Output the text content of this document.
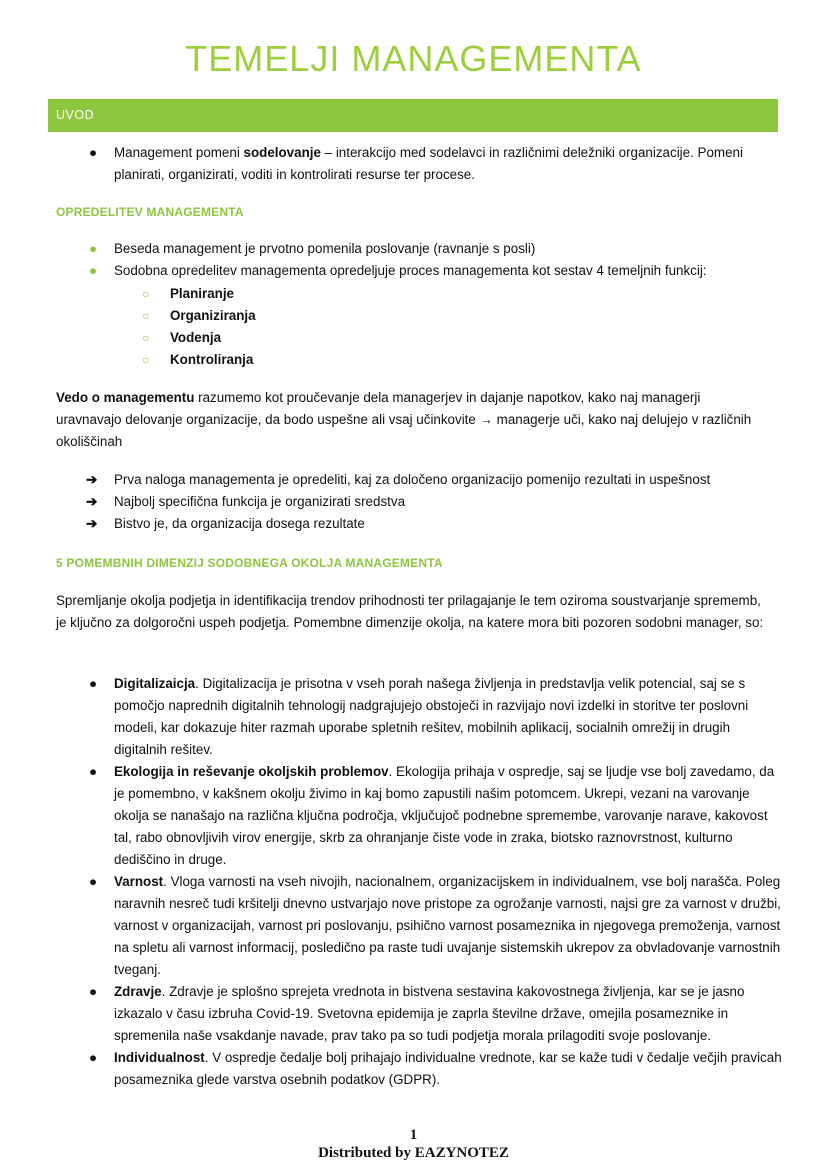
TEMELJI MANAGEMENTA
UVOD
● Management pomeni sodelovanje – interakcijo med sodelavci in različnimi deležniki organizacije. Pomeni planirati, organizirati, voditi in kontrolirati resurse ter procese.
OPREDELITEV MANAGEMENTA
● Beseda management je prvotno pomenila poslovanje (ravnanje s posli)
● Sodobna opredelitev managementa opredeljuje proces managementa kot sestav 4 temeljnih funkcij:
○ Planiranje
○ Organiziranja
○ Vodenja
○ Kontroliranja
Vedo o managementu razumemo kot proučevanje dela managerjev in dajanje napotkov, kako naj managerji uravnavajo delovanje organizacije, da bodo uspešne ali vsaj učinkovite → managerje uči, kako naj delujejo v različnih okoliščinah
➔ Prva naloga managementa je opredeliti, kaj za določeno organizacijo pomenijo rezultati in uspešnost
➔ Najbolj specifična funkcija je organizirati sredstva
➔ Bistvo je, da organizacija dosega rezultate
5 POMEMBNIH DIMENZIJ SODOBNEGA OKOLJA MANAGEMENTA
Spremljanje okolja podjetja in identifikacija trendov prihodnosti ter prilagajanje le tem oziroma soustvarjanje sprememb, je ključno za dolgoročni uspeh podjetja. Pomembne dimenzije okolja, na katere mora biti pozoren sodobni manager, so:
● Digitalizaicja. Digitalizacija je prisotna v vseh porah našega življenja in predstavlja velik potencial, saj se s pomočjo naprednih digitalnih tehnologij nadgrajujejo obstoječi in razvijajo novi izdelki in storitve ter poslovni modeli, kar dokazuje hiter razmah uporabe spletnih rešitev, mobilnih aplikacij, socialnih omrežij in drugih digitalnih rešitev.
● Ekologija in reševanje okoljskih problemov. Ekologija prihaja v ospredje, saj se ljudje vse bolj zavedamo, da je pomembno, v kakšnem okolju živimo in kaj bomo zapustili našim potomcem. Ukrepi, vezani na varovanje okolja se nanašajo na različna ključna področja, vključujoč podnebne spremembe, varovanje narave, kakovost tal, rabo obnovljivih virov energije, skrb za ohranjanje čiste vode in zraka, biotsko raznovrstnost, kulturno dediščino in druge.
● Varnost. Vloga varnosti na vseh nivojih, nacionalnem, organizacijskem in individualnem, vse bolj narašča. Poleg naravnih nesreč tudi kršitelji dnevno ustvarjajo nove pristope za ogrožanje varnosti, najsi gre za varnost v družbi, varnost v organizacijah, varnost pri poslovanju, psihično varnost posameznika in njegovega premoženja, varnost na spletu ali varnost informacij, posledično pa raste tudi uvajanje sistemskih ukrepov za obvladovanje varnostnih tveganj.
● Zdravje. Zdravje je splošno sprejeta vrednota in bistvena sestavina kakovostnega življenja, kar se je jasno izkazalo v času izbruha Covid-19. Svetovna epidemija je zaprla številne države, omejila posameznike in spremenila naše vsakdanje navade, prav tako pa so tudi podjetja morala prilagoditi svoje poslovanje.
● Individualnost. V ospredje čedalje bolj prihajajo individualne vrednote, kar se kaže tudi v čedalje večjih pravicah posameznika glede varstva osebnih podatkov (GDPR).
1
Distributed by EAZYNOTEZ
